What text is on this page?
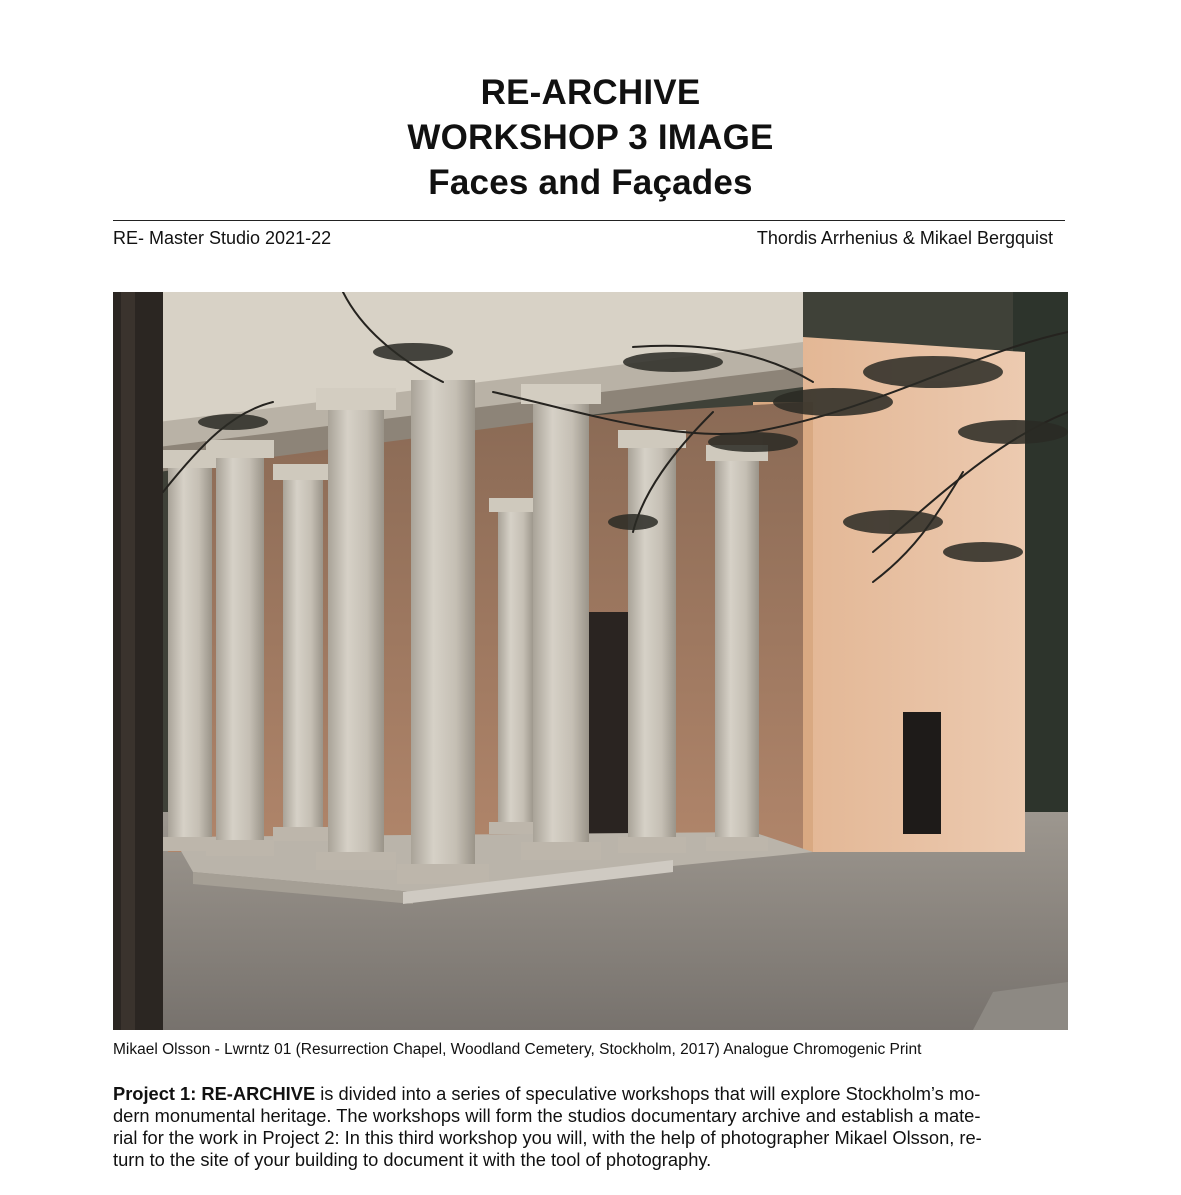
RE-ARCHIVE
WORKSHOP 3 IMAGE
Faces and Façades
RE- Master Studio 2021-22	Thordis Arrhenius & Mikael Bergquist
Mikael Olsson - Lwrntz 01 (Resurrection Chapel, Woodland Cemetery, Stockholm, 2017) Analogue Chromogenic Print
Project 1: RE-ARCHIVE is divided into a series of speculative workshops that will explore Stockholm’s mo-
dern monumental heritage. The workshops will form the studios documentary archive and establish a mate-
rial for the work in Project 2: In this third workshop you will, with the help of photographer Mikael Olsson, re-
turn to the site of your building to document it with the tool of photography.
